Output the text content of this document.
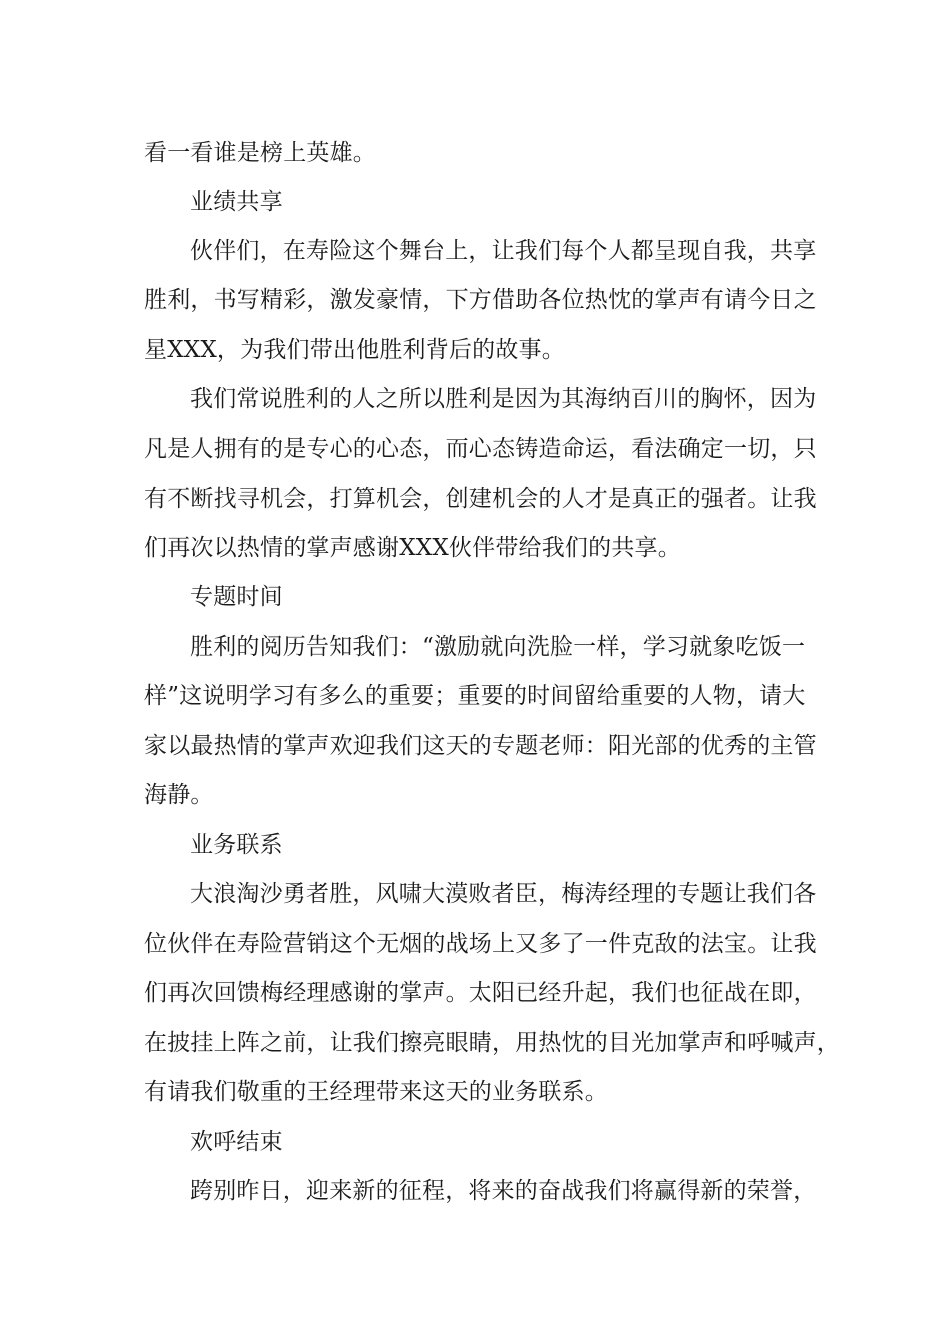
看一看谁是榜上英雄。
业绩共享
伙伴们，在寿险这个舞台上，让我们每个人都呈现自我，共享
胜利，书写精彩，激发豪情，下方借助各位热忱的掌声有请今日之
星XXX，为我们带出他胜利背后的故事。
我们常说胜利的人之所以胜利是因为其海纳百川的胸怀，因为
凡是人拥有的是专心的心态，而心态铸造命运，看法确定一切，只
有不断找寻机会，打算机会，创建机会的人才是真正的强者。让我
们再次以热情的掌声感谢XXX伙伴带给我们的共享。
专题时间
胜利的阅历告知我们：“激励就向洗脸一样，学习就象吃饭一
样”这说明学习有多么的重要；重要的时间留给重要的人物，请大
家以最热情的掌声欢迎我们这天的专题老师：阳光部的优秀的主管
海静。
业务联系
大浪淘沙勇者胜，风啸大漠败者臣，梅涛经理的专题让我们各
位伙伴在寿险营销这个无烟的战场上又多了一件克敌的法宝。让我
们再次回馈梅经理感谢的掌声。太阳已经升起，我们也征战在即，
在披挂上阵之前，让我们擦亮眼睛，用热忱的目光加掌声和呼喊声，
有请我们敬重的王经理带来这天的业务联系。
欢呼结束
跨别昨日，迎来新的征程，将来的奋战我们将赢得新的荣誉，
